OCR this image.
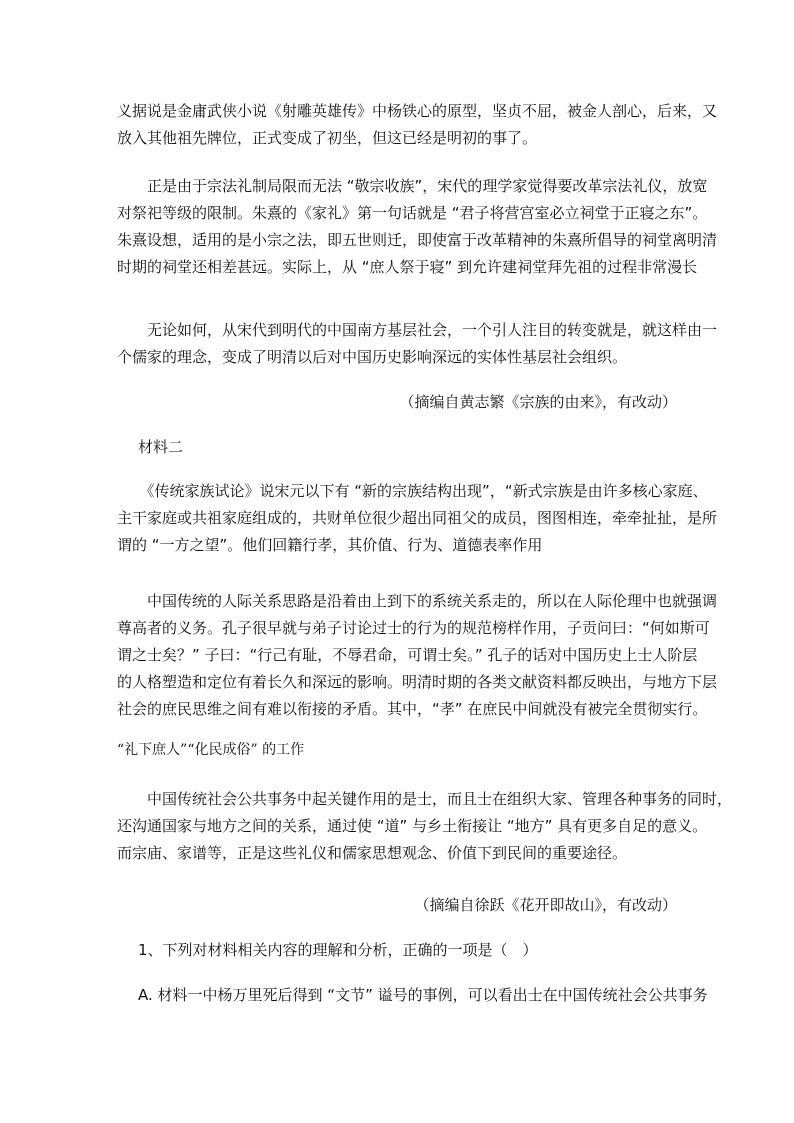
义据说是金庸武侠小说《射雕英雄传》中杨铁心的原型，坚贞不屈，被金人剖心，后来，又
放入其他祖先牌位，正式变成了初坐，但这已经是明初的事了。

　　正是由于宗法礼制局限而无法 “敬宗收族”，宋代的理学家觉得要改革宗法礼仪，放宽
对祭祀等级的限制。朱熹的《家礼》第一句话就是 “君子将营宫室必立祠堂于正寝之东”。
朱熹设想，适用的是小宗之法，即五世则迁，即使富于改革精神的朱熹所倡导的祠堂离明清
时期的祠堂还相差甚远。实际上，从 “庶人祭于寝” 到允许建祠堂拜先祖的过程非常漫长

　　无论如何，从宋代到明代的中国南方基层社会，一个引人注目的转变就是，就这样由一
个儒家的理念，变成了明清以后对中国历史影响深远的实体性基层社会组织。

（摘编自黄志繁《宗族的由来》，有改动）
材料二

　　《传统家族试论》说宋元以下有 “新的宗族结构出现”，“新式宗族是由许多核心家庭、
主干家庭或共祖家庭组成的，共财单位很少超出同祖父的成员，图图相连，牵牵扯扯，是所
谓的 “一方之望”。他们回籍行孝，其价值、行为、道德表率作用

　　中国传统的人际关系思路是沿着由上到下的系统关系走的，所以在人际伦理中也就强调
尊高者的义务。孔子很早就与弟子讨论过士的行为的规范榜样作用，子贡问曰：“何如斯可
谓之士矣？” 子曰：“行己有耻，不辱君命，可谓士矣。” 孔子的话对中国历史上士人阶层
的人格塑造和定位有着长久和深远的影响。明清时期的各类文献资料都反映出，与地方下层
社会的庶民思维之间有难以衔接的矛盾。其中，“孝” 在庶民中间就没有被完全贯彻实行。

“礼下庶人”“化民成俗” 的工作

　　中国传统社会公共事务中起关键作用的是士，而且士在组织大家、管理各种事务的同时，
还沟通国家与地方之间的关系，通过使 “道” 与乡土衔接让 “地方” 具有更多自足的意义。
而宗庙、家谱等，正是这些礼仪和儒家思想观念、价值下到民间的重要途径。

（摘编自徐跃《花开即故山》，有改动）
1、下列对材料相关内容的理解和分析，正确的一项是（　）
A. 材料一中杨万里死后得到 “文节” 谥号的事例，可以看出士在中国传统社会公共事务
